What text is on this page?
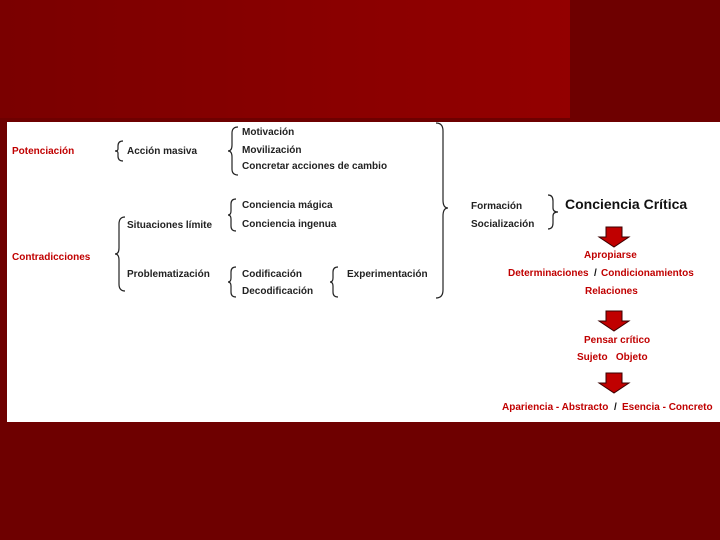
Potenciación
Contradicciones
Acción masiva
Situaciones límite
Problematización
Motivación
Movilización
Concretar acciones de cambio
Conciencia mágica
Conciencia ingenua
Codificación
Decodificación
Experimentación
Formación
Socialización
Conciencia Crítica
Apropiarse
Determinaciones / Condicionamientos
Relaciones
Pensar crítico
Sujeto   Objeto
Apariencia - Abstracto / Esencia - Concreto
